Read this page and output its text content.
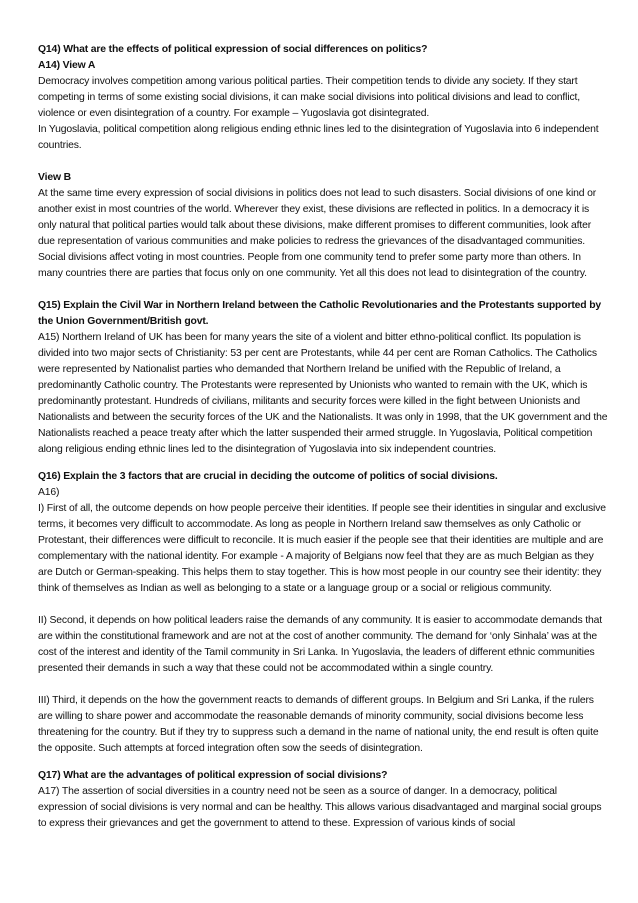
Q14) What are the effects of political expression of social differences on politics?

A14) View A

Democracy involves competition among various political parties. Their competition tends to divide any society. If they start competing in terms of some existing social divisions, it can make social divisions into political divisions and lead to conflict, violence or even disintegration of a country. For example – Yugoslavia got disintegrated.

In Yugoslavia, political competition along religious ending ethnic lines led to the disintegration of Yugoslavia into 6 independent countries.

View B

At the same time every expression of social divisions in politics does not lead to such disasters. Social divisions of one kind or another exist in most countries of the world. Wherever they exist, these divisions are reflected in politics. In a democracy it is only natural that political parties would talk about these divisions, make different promises to different communities, look after due representation of various communities and make policies to redress the grievances of the disadvantaged communities. Social divisions affect voting in most countries. People from one community tend to prefer some party more than others. In many countries there are parties that focus only on one community. Yet all this does not lead to disintegration of the country.

Q15) Explain the Civil War in Northern Ireland between the Catholic Revolutionaries and the Protestants supported by the Union Government/British govt.

A15) Northern Ireland of UK has been for many years the site of a violent and bitter ethno-political conflict. Its population is divided into two major sects of Christianity: 53 per cent are Protestants, while 44 per cent are Roman Catholics. The Catholics were represented by Nationalist parties who demanded that Northern Ireland be unified with the Republic of Ireland, a predominantly Catholic country. The Protestants were represented by Unionists who wanted to remain with the UK, which is predominantly protestant. Hundreds of civilians, militants and security forces were killed in the fight between Unionists and Nationalists and between the security forces of the UK and the Nationalists. It was only in 1998, that the UK government and the Nationalists reached a peace treaty after which the latter suspended their armed struggle. In Yugoslavia, Political competition along religious ending ethnic lines led to the disintegration of Yugoslavia into six independent countries.

Q16) Explain the 3 factors that are crucial in deciding the outcome of politics of social divisions.

A16)

I) First of all, the outcome depends on how people perceive their identities. If people see their identities in singular and exclusive terms, it becomes very difficult to accommodate. As long as people in Northern Ireland saw themselves as only Catholic or Protestant, their differences were difficult to reconcile. It is much easier if the people see that their identities are multiple and are complementary with the national identity. For example - A majority of Belgians now feel that they are as much Belgian as they are Dutch or German-speaking. This helps them to stay together. This is how most people in our country see their identity: they think of themselves as Indian as well as belonging to a state or a language group or a social or religious community.

II) Second, it depends on how political leaders raise the demands of any community. It is easier to accommodate demands that are within the constitutional framework and are not at the cost of another community. The demand for ‘only Sinhala’ was at the cost of the interest and identity of the Tamil community in Sri Lanka. In Yugoslavia, the leaders of different ethnic communities presented their demands in such a way that these could not be accommodated within a single country.

III) Third, it depends on the how the government reacts to demands of different groups. In Belgium and Sri Lanka, if the rulers are willing to share power and accommodate the reasonable demands of minority community, social divisions become less threatening for the country. But if they try to suppress such a demand in the name of national unity, the end result is often quite the opposite. Such attempts at forced integration often sow the seeds of disintegration.

Q17) What are the advantages of political expression of social divisions?

A17) The assertion of social diversities in a country need not be seen as a source of danger. In a democracy, political expression of social divisions is very normal and can be healthy. This allows various disadvantaged and marginal social groups to express their grievances and get the government to attend to these. Expression of various kinds of social
